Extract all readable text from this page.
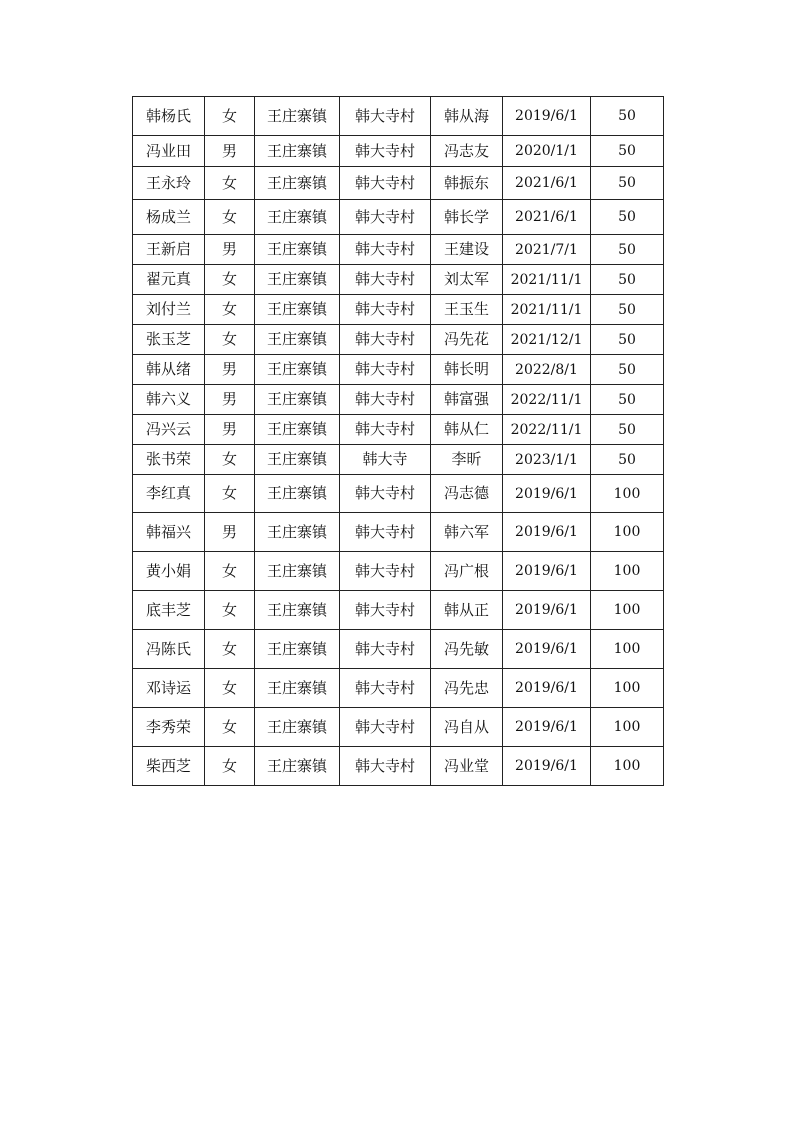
韩杨氏	女	王庄寨镇	韩大寺村	韩从海	2019/6/1	50
冯业田	男	王庄寨镇	韩大寺村	冯志友	2020/1/1	50
王永玲	女	王庄寨镇	韩大寺村	韩振东	2021/6/1	50
杨成兰	女	王庄寨镇	韩大寺村	韩长学	2021/6/1	50
王新启	男	王庄寨镇	韩大寺村	王建设	2021/7/1	50
翟元真	女	王庄寨镇	韩大寺村	刘太军	2021/11/1	50
刘付兰	女	王庄寨镇	韩大寺村	王玉生	2021/11/1	50
张玉芝	女	王庄寨镇	韩大寺村	冯先花	2021/12/1	50
韩从绪	男	王庄寨镇	韩大寺村	韩长明	2022/8/1	50
韩六义	男	王庄寨镇	韩大寺村	韩富强	2022/11/1	50
冯兴云	男	王庄寨镇	韩大寺村	韩从仁	2022/11/1	50
张书荣	女	王庄寨镇	韩大寺	李昕	2023/1/1	50
李红真	女	王庄寨镇	韩大寺村	冯志德	2019/6/1	100
韩福兴	男	王庄寨镇	韩大寺村	韩六军	2019/6/1	100
黄小娟	女	王庄寨镇	韩大寺村	冯广根	2019/6/1	100
底丰芝	女	王庄寨镇	韩大寺村	韩从正	2019/6/1	100
冯陈氏	女	王庄寨镇	韩大寺村	冯先敏	2019/6/1	100
邓诗运	女	王庄寨镇	韩大寺村	冯先忠	2019/6/1	100
李秀荣	女	王庄寨镇	韩大寺村	冯自从	2019/6/1	100
柴西芝	女	王庄寨镇	韩大寺村	冯业堂	2019/6/1	100
